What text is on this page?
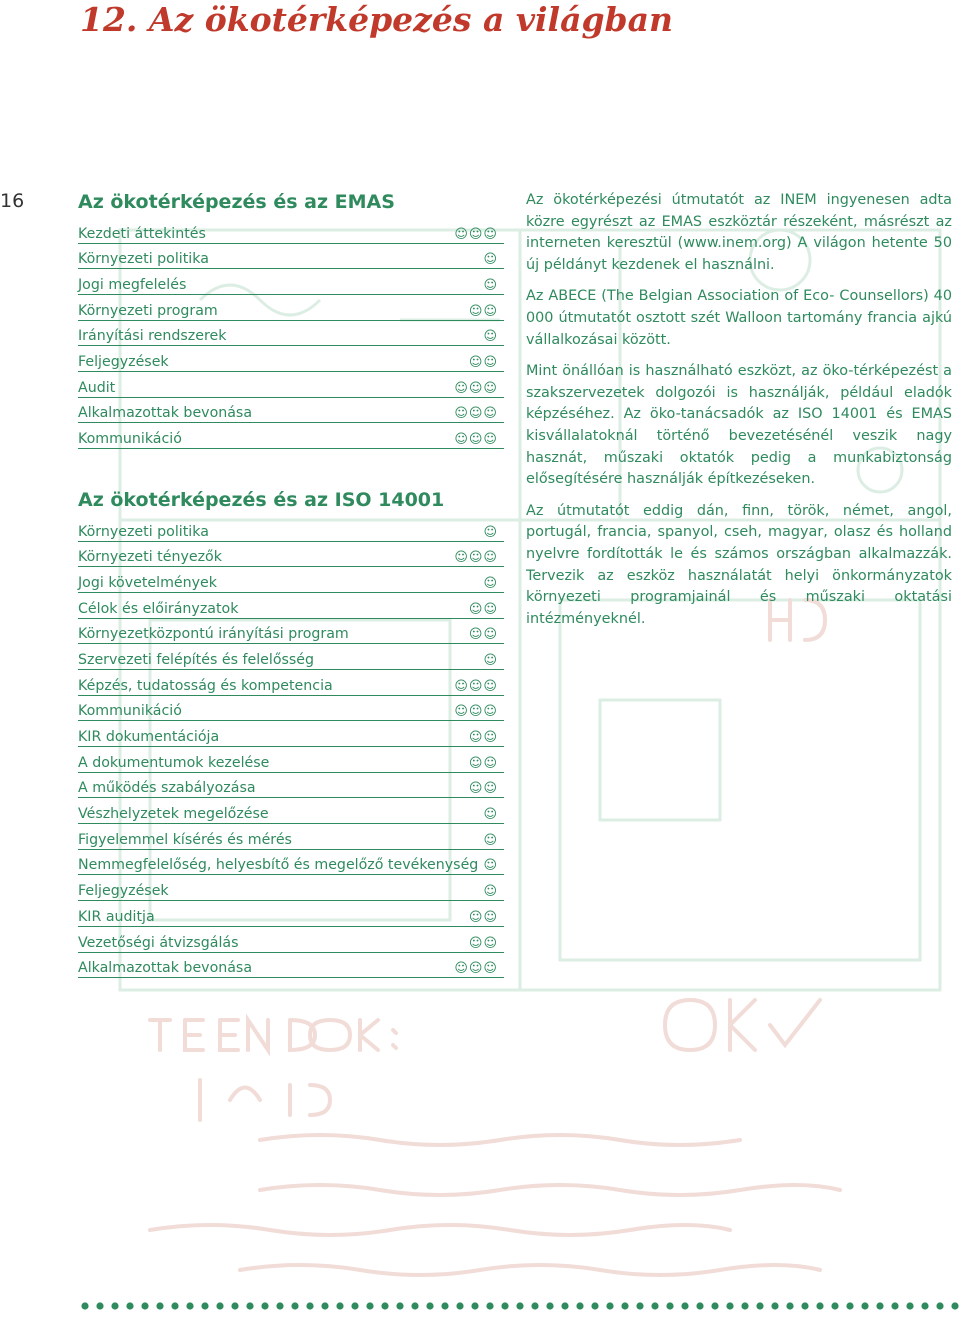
12. Az ökotérképezés a világban
16	Az ökotérképezés és az EMAS
Kezdeti áttekintés	☺☺☺
Környezeti politika	☺
Jogi megfelelés	☺
Környezeti program	☺☺
Irányítási rendszerek	☺
Feljegyzések	☺☺
Audit	☺☺☺
Alkalmazottak bevonása	☺☺☺
Kommunikáció	☺☺☺
Az ökotérképezés és az ISO 14001
Környezeti politika	☺
Környezeti tényezők	☺☺☺
Jogi követelmények	☺
Célok és előirányzatok	☺☺
Környezetközpontú irányítási program	☺☺
Szervezeti felépítés és felelősség	☺
Képzés, tudatosság és kompetencia	☺☺☺
Kommunikáció	☺☺☺
KIR dokumentációja	☺☺
A dokumentumok kezelése	☺☺
A működés szabályozása	☺☺
Vészhelyzetek megelőzése	☺
Figyelemmel kísérés és mérés	☺
Nemmegfelelőség, helyesbítő és megelőző tevékenység ☺
Feljegyzések	☺
KIR auditja	☺☺
Vezetőségi átvizsgálás	☺☺
Alkalmazottak bevonása	☺☺☺

Az ökotérképezési útmutatót az INEM ingyenesen adta közre egyrészt az EMAS eszköztár részeként, másrészt az interneten keresztül (www.inem.org) A világon hetente 50 új példányt kezdenek el használni.

Az ABECE (The Belgian Association of Eco- Counsellors) 40 000 útmutatót osztott szét Walloon tartomány francia ajkú vállalkozásai között.

Mint önállóan is használható eszközt, az öko-térképezést a szakszervezetek dolgozói is használják, például eladók képzéséhez. Az öko-tanácsadók az ISO 14001 és EMAS kisvállalatoknál történő bevezetésénél veszik nagy hasznát, műszaki oktatók pedig a munkabiztonság elősegítésére használják építkezéseken.

Az útmutatót eddig dán, finn, török, német, angol, portugál, francia, spanyol, cseh, magyar, olasz és holland nyelvre fordították le és számos országban alkalmazzák. Tervezik az eszköz használatát helyi önkormányzatok környezeti programjainál és műszaki oktatási intézményeknél.
